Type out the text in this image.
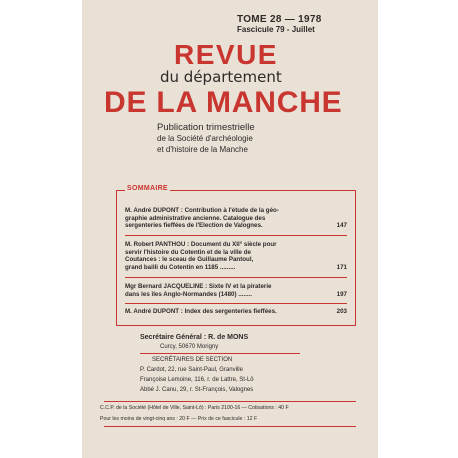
TOME 28 — 1978
Fascicule 79 - Juillet
REVUE
du département
DE LA MANCHE
Publication trimestrielle
de la Société d'archéologie
et d'histoire de la Manche
SOMMAIRE
M. André DUPONT : Contribution à l'étude de la géo-
graphie administrative ancienne. Catalogue des
sergenteries fieffées de l'Election de Valognes.	147
M. Robert PANTHOU : Document du XII° siècle pour
servir l'histoire du Cotentin et de la ville de
Coutances : le sceau de Guillaume Pantoul,
grand bailli du Cotentin en 1185 .........	171
Mgr Bernard JACQUELINE : Sixte IV et la piraterie
dans les îles Anglo-Normandes (1480) ........	197
M. André DUPONT : Index des sergenteries fieffées.	203
Secrétaire Général : R. de MONS
Curcy, 50670 Morigny
SECRÉTAIRES DE SECTION
P. Cardot, 22, rue Saint-Paul, Granville
Françoise Lemoine, 116, r. de Lattre, St-Lô
Abbé J. Canu, 29, r. St-François, Valognes
C.C.P. de la Société (Hôtel de Ville, Saint-Lô) : Paris 2100-16 — Cotisations : 40 F
Pour les moins de vingt-cinq ans : 20 F — Prix de ce fascicule : 12 F
